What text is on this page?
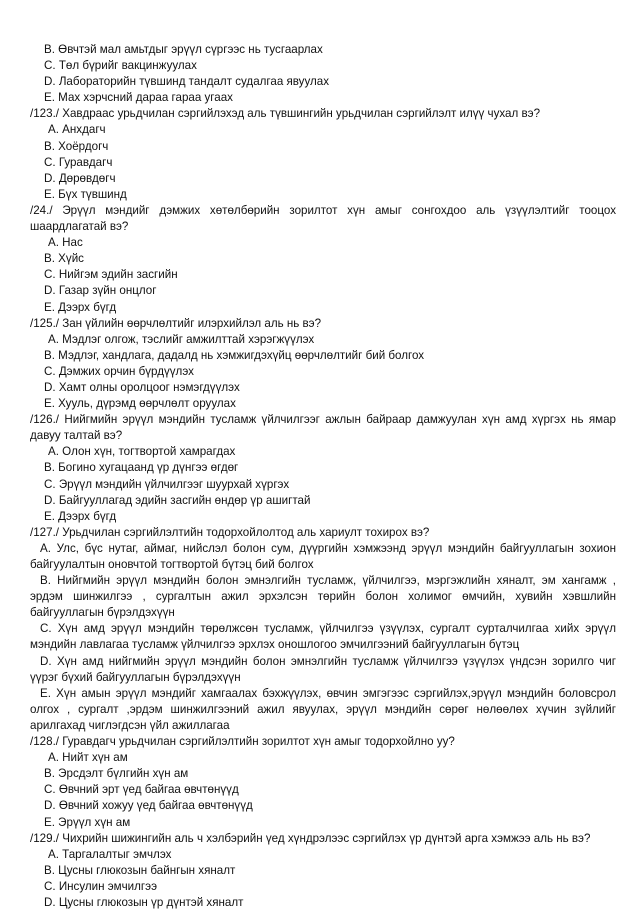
B. Өвчтэй мал амьтдыг эрүүл сүргээс нь тусгаарлах
C. Төл бүрийг вакцинжуулах
D. Лабораторийн түвшинд тандалт судалгаа явуулах
E. Мах хэрчсний дараа гараа угаах
/123./ Хавдраас урьдчилан сэргийлэхэд аль түвшингийн урьдчилан сэргийлэлт илүү чухал вэ?
A. Анхдагч
B. Хоёрдогч
C. Гуравдагч
D. Дөрөвдөгч
E. Бүх түвшинд
/24./ Эрүүл мэндийг дэмжих хөтөлбөрийн зорилтот хүн амыг сонгохдоо аль үзүүлэлтийг тооцох шаардлагатай вэ?
A. Нас
B. Хүйс
C. Нийгэм эдийн засгийн
D. Газар зүйн онцлог
E. Дээрх бүгд
/125./ Зан үйлийн өөрчлөлтийг илэрхийлэл аль нь вэ?
A. Мэдлэг олгож, тэслийг амжилттай хэрэгжүүлэх
B. Мэдлэг, хандлага, дадалд нь хэмжигдэхүйц өөрчлөлтийг бий болгох
C. Дэмжих орчин бүрдүүлэх
D. Хамт олны оролцоог нэмэгдүүлэх
E. Хууль, дүрэмд өөрчлөлт оруулах
/126./ Нийгмийн эрүүл мэндийн тусламж үйлчилгээг ажлын байраар дамжуулан хүн амд хүргэх нь ямар давуу талтай вэ?
A. Олон хүн, тогтвортой хамрагдах
B. Богино хугацаанд үр дүнгээ өгдөг
C. Эрүүл мэндийн үйлчилгээг шуурхай хүргэх
D. Байгууллагад эдийн засгийн өндөр үр ашигтай
E. Дээрх бүгд
/127./ Урьдчилан сэргийлэлтийн тодорхойлолтод аль хариулт тохирох вэ?
A. Улс, бүс нутаг, аймаг, нийслэл болон сум, дүүргийн хэмжээнд эрүүл мэндийн байгууллагын зохион байгуулалтын оновчтой тогтвортой бүтэц бий болгох
B. Нийгмийн эрүүл мэндийн болон эмнэлгийн тусламж, үйлчилгээ, мэргэжлийн хяналт, эм хангамж , эрдэм шинжилгээ , сургалтын ажил эрхэлсэн төрийн болон холимог өмчийн, хувийн хэвшлийн байгууллагын бүрэлдэхүүн
C. Хүн амд эрүүл мэндийн төрөлжсөн тусламж, үйлчилгээ үзүүлэх, сургалт сурталчилгаа хийх эрүүл мэндийн лавлагаа тусламж үйлчилгээ эрхлэх оношлогоо эмчилгээний байгууллагын бүтэц
D. Хүн амд нийгмийн эрүүл мэндийн болон эмнэлгийн тусламж үйлчилгээ үзүүлэх үндсэн зорилго чиг үүрэг бүхий байгууллагын бүрэлдэхүүн
E. Хүн амын эрүүл мэндийг хамгаалах бэхжүүлэх, өвчин эмгэгээс сэргийлэх,эрүүл мэндийн боловсрол олгох , сургалт ,эрдэм шинжилгээний ажил явуулах, эрүүл мэндийн сөрөг нөлөөлөх хүчин зүйлийг арилгахад чиглэгдсэн үйл ажиллагаа
/128./ Гуравдагч урьдчилан сэргийлэлтийн зорилтот хүн амыг тодорхойлно уу?
A. Нийт хүн ам
B. Эрсдэлт бүлгийн хүн ам
C. Өвчний эрт үед байгаа өвчтөнүүд
D. Өвчний хожуу үед байгаа өвчтөнүүд
E. Эрүүл хүн ам
/129./ Чихрийн шижингийн аль ч хэлбэрийн үед хүндрэлээс сэргийлэх үр дүнтэй арга хэмжээ аль нь вэ?
A. Таргалалтыг эмчлэх
B. Цусны глюкозын байнгын хяналт
C. Инсулин эмчилгээ
D. Цусны глюкозын үр дүнтэй хяналт
